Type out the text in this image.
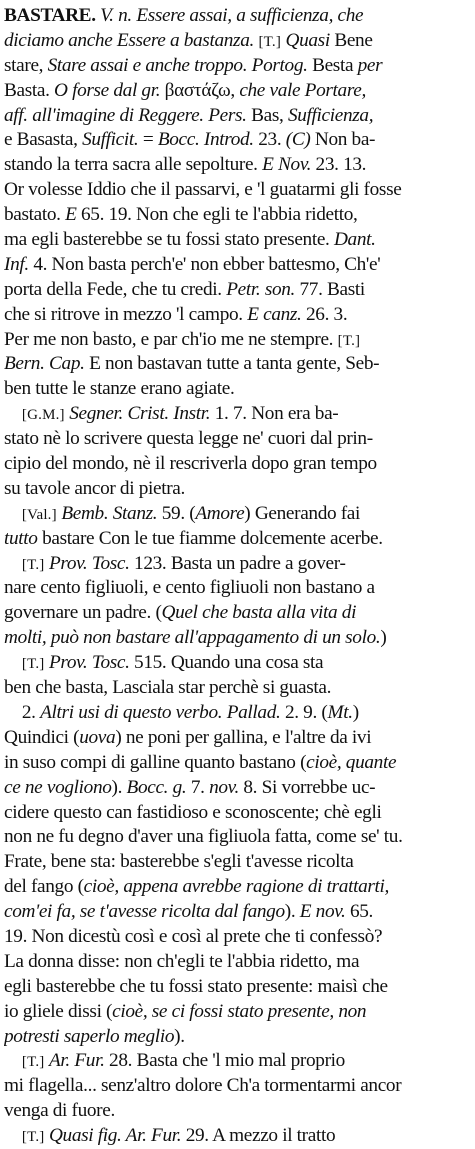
BASTARE. V. n. Essere assai, a sufficienza, che
diciamo anche Essere a bastanza. [T.] Quasi Bene
stare, Stare assai e anche troppo. Portog. Besta per
Basta. O forse dal gr. βαστάζω, che vale Portare,
aff. all'imagine di Reggere. Pers. Bas, Sufficienza,
e Basasta, Sufficit. = Bocc. Introd. 23. (C) Non ba-
stando la terra sacra alle sepolture. E Nov. 23. 13.
Or volesse Iddio che il passarvi, e 'l guatarmi gli fosse
bastato. E 65. 19. Non che egli te l'abbia ridetto,
ma egli basterebbe se tu fossi stato presente. Dant.
Inf. 4. Non basta perch'e' non ebber battesmo, Ch'e'
porta della Fede, che tu credi. Petr. son. 77. Basti
che si ritrove in mezzo 'l campo. E canz. 26. 3.
Per me non basto, e par ch'io me ne stempre. [T.]
Bern. Cap. E non bastavan tutte a tanta gente, Seb-
ben tutte le stanze erano agiate.
[G.M.] Segner. Crist. Instr. 1. 7. Non era ba-
stato nè lo scrivere questa legge ne' cuori dal prin-
cipio del mondo, nè il rescriverla dopo gran tempo
su tavole ancor di pietra.
[Val.] Bemb. Stanz. 59. (Amore) Generando fai
tutto bastare Con le tue fiamme dolcemente acerbe.
[T.] Prov. Tosc. 123. Basta un padre a gover-
nare cento figliuoli, e cento figliuoli non bastano a
governare un padre. (Quel che basta alla vita di
molti, può non bastare all'appagamento di un solo.)
[T.] Prov. Tosc. 515. Quando una cosa sta
ben che basta, Lasciala star perchè si guasta.
2. Altri usi di questo verbo. Pallad. 2. 9. (Mt.)
Quindici (uova) ne poni per gallina, e l'altre da ivi
in suso compi di galline quanto bastano (cioè, quante
ce ne vogliono). Bocc. g. 7. nov. 8. Si vorrebbe uc-
cidere questo can fastidioso e sconoscente; chè egli
non ne fu degno d'aver una figliuola fatta, come se' tu.
Frate, bene sta: basterebbe s'egli t'avesse ricolta
del fango (cioè, appena avrebbe ragione di trattarti,
com'ei fa, se t'avesse ricolta dal fango). E nov. 65.
19. Non dicestù così e così al prete che ti confessò?
La donna disse: non ch'egli te l'abbia ridetto, ma
egli basterebbe che tu fossi stato presente: maisì che
io gliele dissi (cioè, se ci fossi stato presente, non
potresti saperlo meglio).
[T.] Ar. Fur. 28. Basta che 'l mio mal proprio
mi flagella... senz'altro dolore Ch'a tormentarmi ancor
venga di fuore.
[T.] Quasi fig. Ar. Fur. 29. A mezzo il tratto
